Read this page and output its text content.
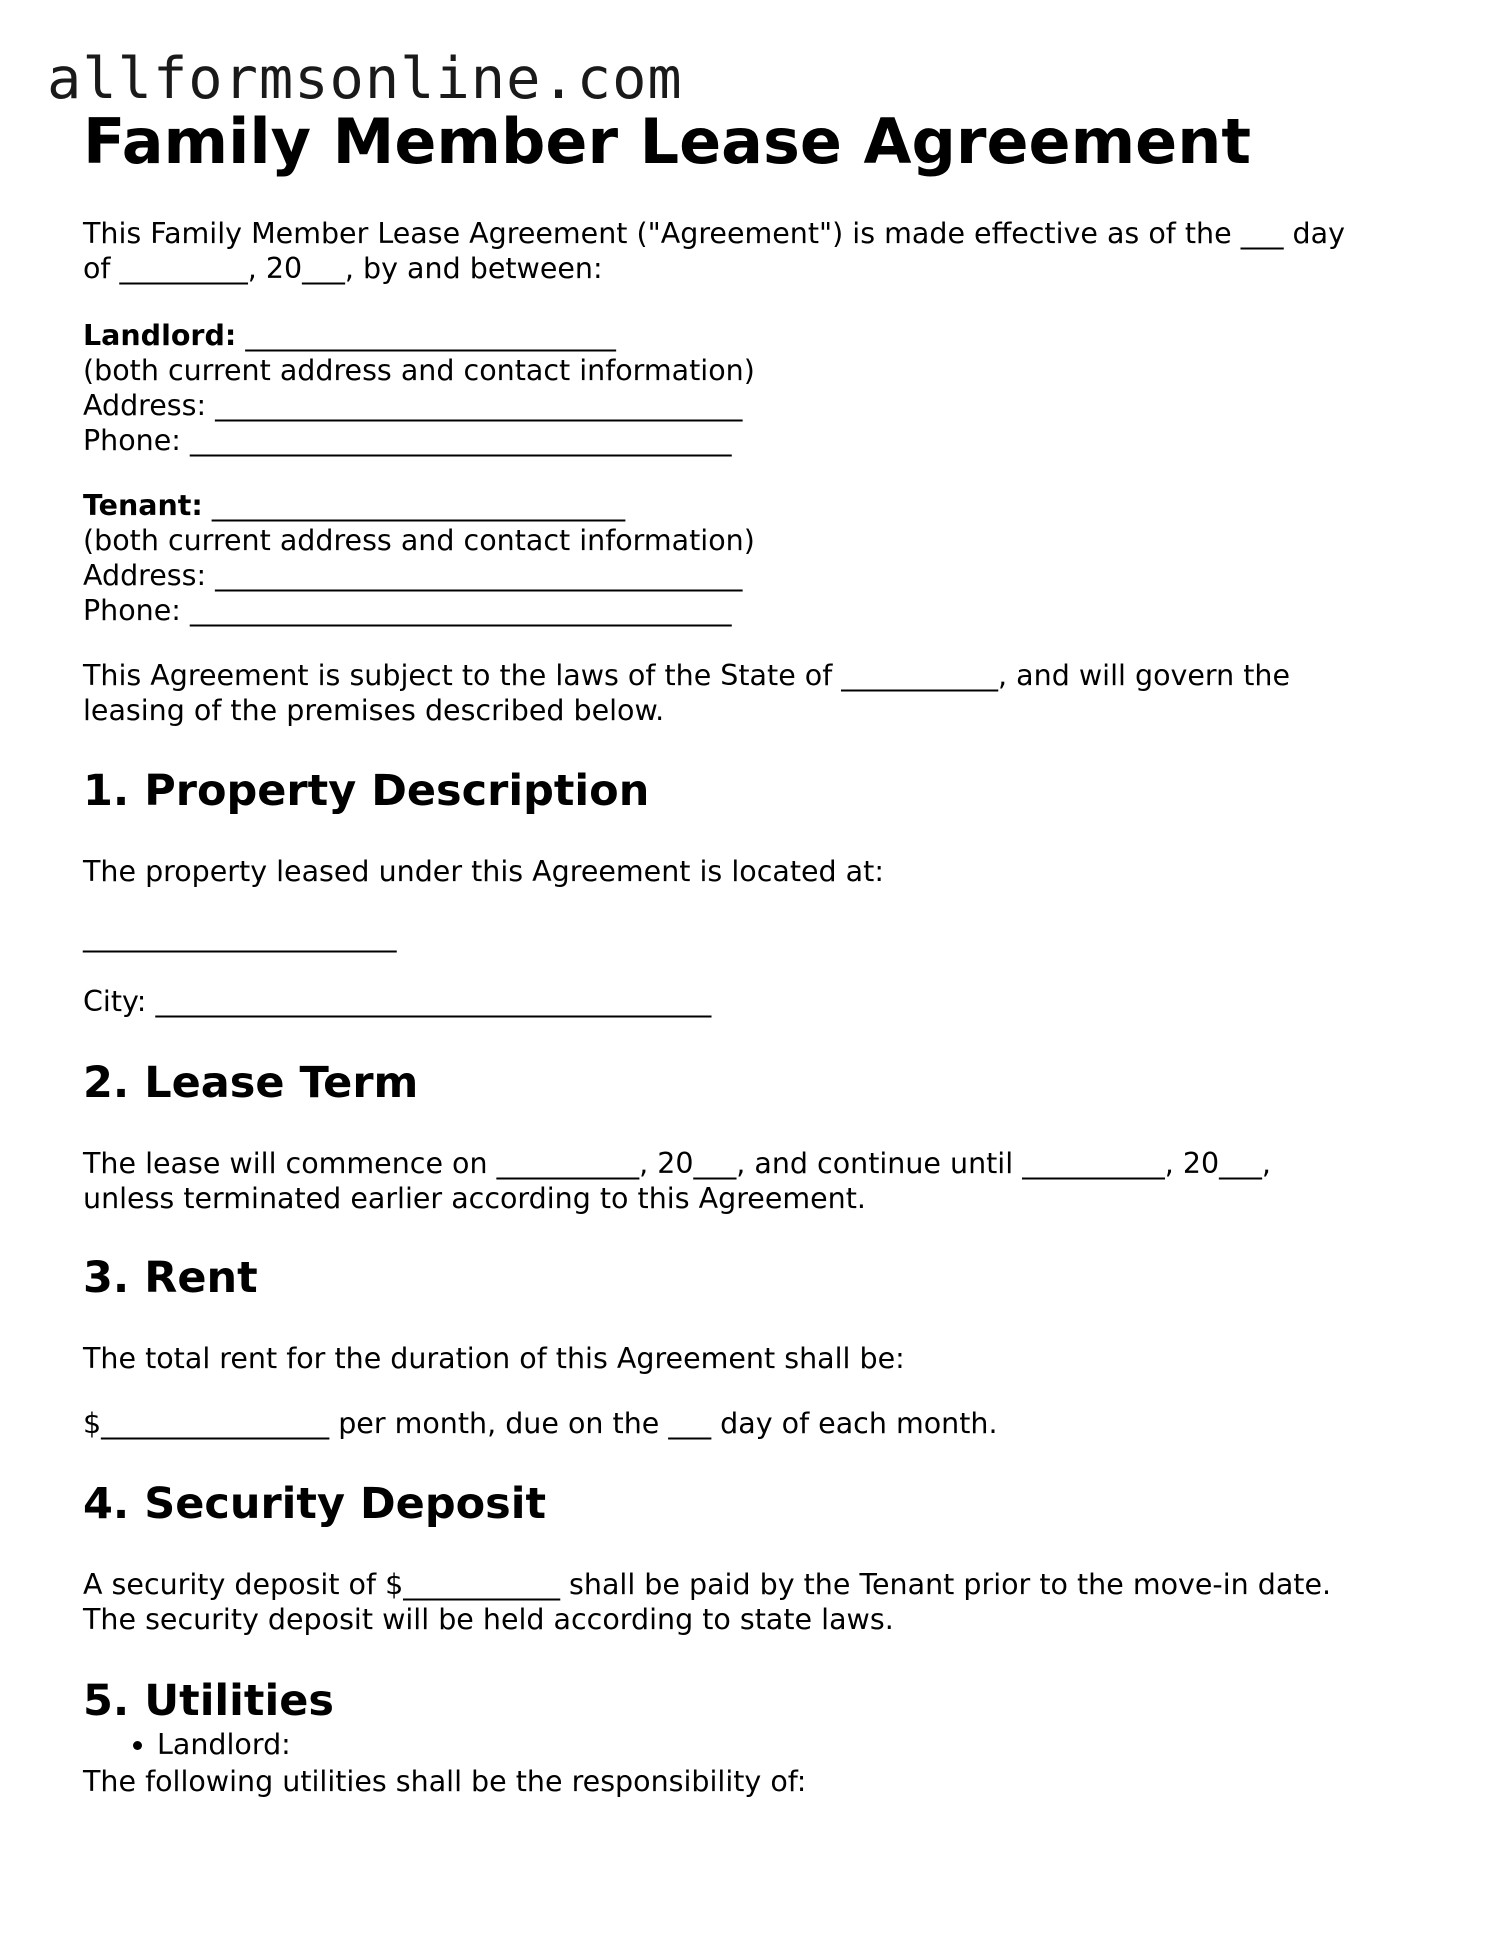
allformsonline.com
Family Member Lease Agreement
This Family Member Lease Agreement ("Agreement") is made effective as of the ___ day
of _________, 20___, by and between:
Landlord: __________________________
(both current address and contact information)
Address: _____________________________________
Phone: ______________________________________
Tenant: _____________________________
(both current address and contact information)
Address: _____________________________________
Phone: ______________________________________
This Agreement is subject to the laws of the State of ___________, and will govern the
leasing of the premises described below.
1. Property Description
The property leased under this Agreement is located at:
______________________
City: _______________________________________
2. Lease Term
The lease will commence on __________, 20___, and continue until __________, 20___,
unless terminated earlier according to this Agreement.
3. Rent
The total rent for the duration of this Agreement shall be:
$________________ per month, due on the ___ day of each month.
4. Security Deposit
A security deposit of $___________ shall be paid by the Tenant prior to the move-in date.
The security deposit will be held according to state laws.
5. Utilities
The following utilities shall be the responsibility of:
• Landlord:
